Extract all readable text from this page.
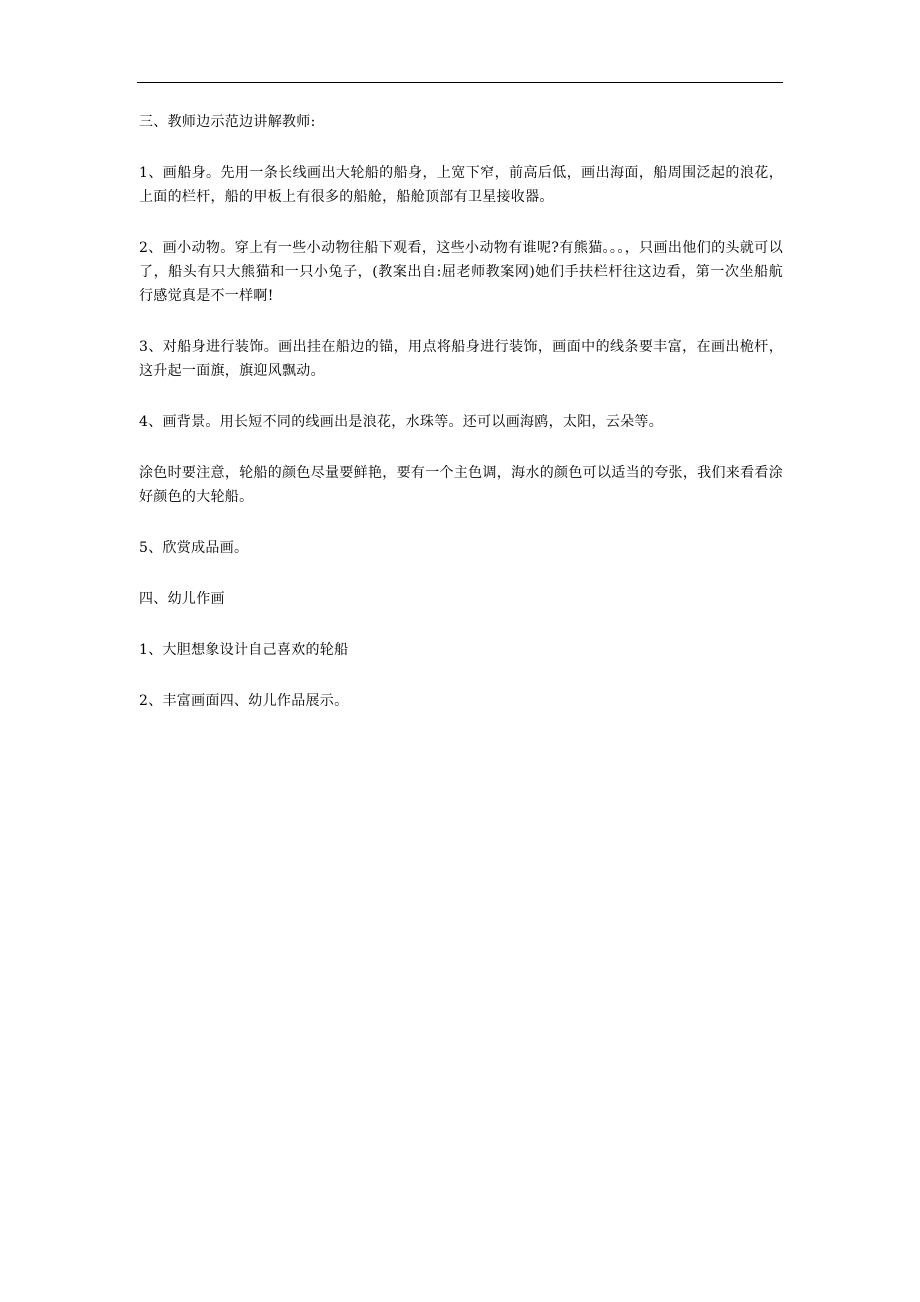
三、教师边示范边讲解教师:

1、画船身。先用一条长线画出大轮船的船身，上宽下窄，前高后低，画出海面，船周围泛起的浪花，上面的栏杆，船的甲板上有很多的船舱，船舱顶部有卫星接收器。

2、画小动物。穿上有一些小动物往船下观看，这些小动物有谁呢?有熊猫。。。，只画出他们的头就可以了，船头有只大熊猫和一只小兔子，(教案出自:屈老师教案网)她们手扶栏杆往这边看，第一次坐船航行感觉真是不一样啊!

3、对船身进行装饰。画出挂在船边的锚，用点将船身进行装饰，画面中的线条要丰富，在画出桅杆，这升起一面旗，旗迎风飘动。

4、画背景。用长短不同的线画出是浪花，水珠等。还可以画海鸥，太阳，云朵等。

涂色时要注意，轮船的颜色尽量要鲜艳，要有一个主色调，海水的颜色可以适当的夸张，我们来看看涂好颜色的大轮船。

5、欣赏成品画。

四、幼儿作画

1、大胆想象设计自己喜欢的轮船

2、丰富画面四、幼儿作品展示。
